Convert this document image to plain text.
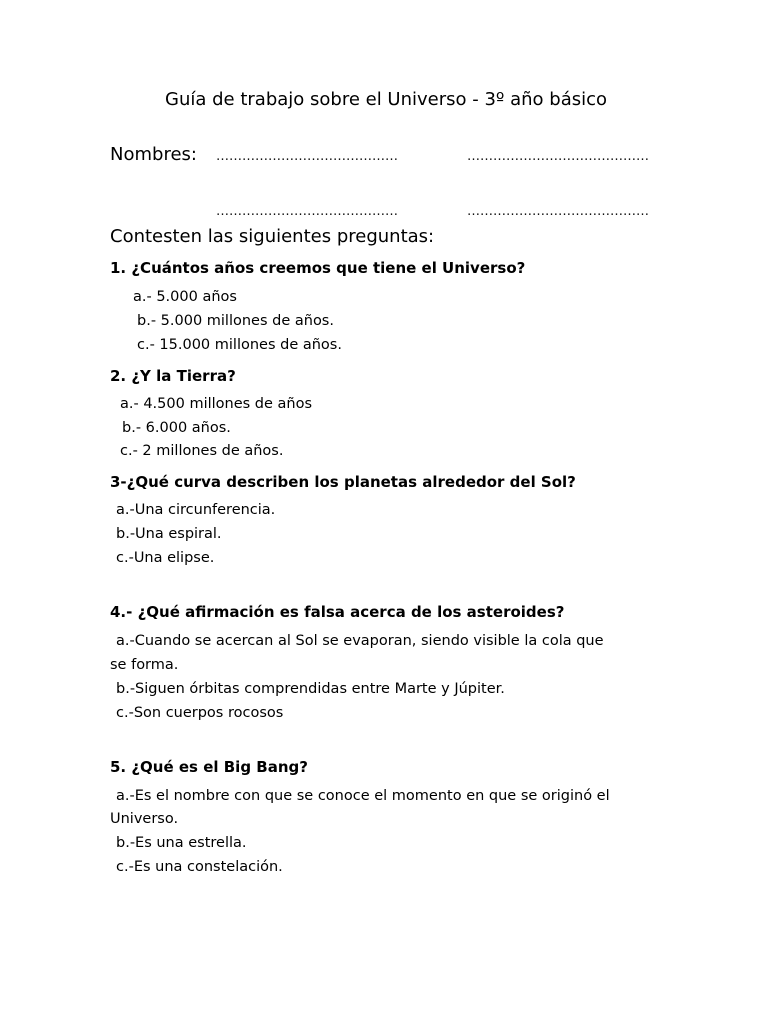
Guía de trabajo sobre el Universo - 3º año básico
Nombres: ……………………………………	……………………………………
……………………………………	……………………………………
Contesten las siguientes preguntas:
1. ¿Cuántos años creemos que tiene el Universo?
a.- 5.000 años
b.- 5.000 millones de años.
c.- 15.000 millones de años.
2. ¿Y la Tierra?
a.- 4.500 millones de años
b.- 6.000 años.
c.- 2 millones de años.
3-¿Qué curva describen los planetas alrededor del Sol?
a.-Una circunferencia.
b.-Una espiral.
c.-Una elipse.
4.- ¿Qué afirmación es falsa acerca de los asteroides?
a.-Cuando se acercan al Sol se evaporan, siendo visible la cola que
se forma.
b.-Siguen órbitas comprendidas entre Marte y Júpiter.
c.-Son cuerpos rocosos
5. ¿Qué es el Big Bang?
a.-Es el nombre con que se conoce el momento en que se originó el
Universo.
b.-Es una estrella.
c.-Es una constelación.
